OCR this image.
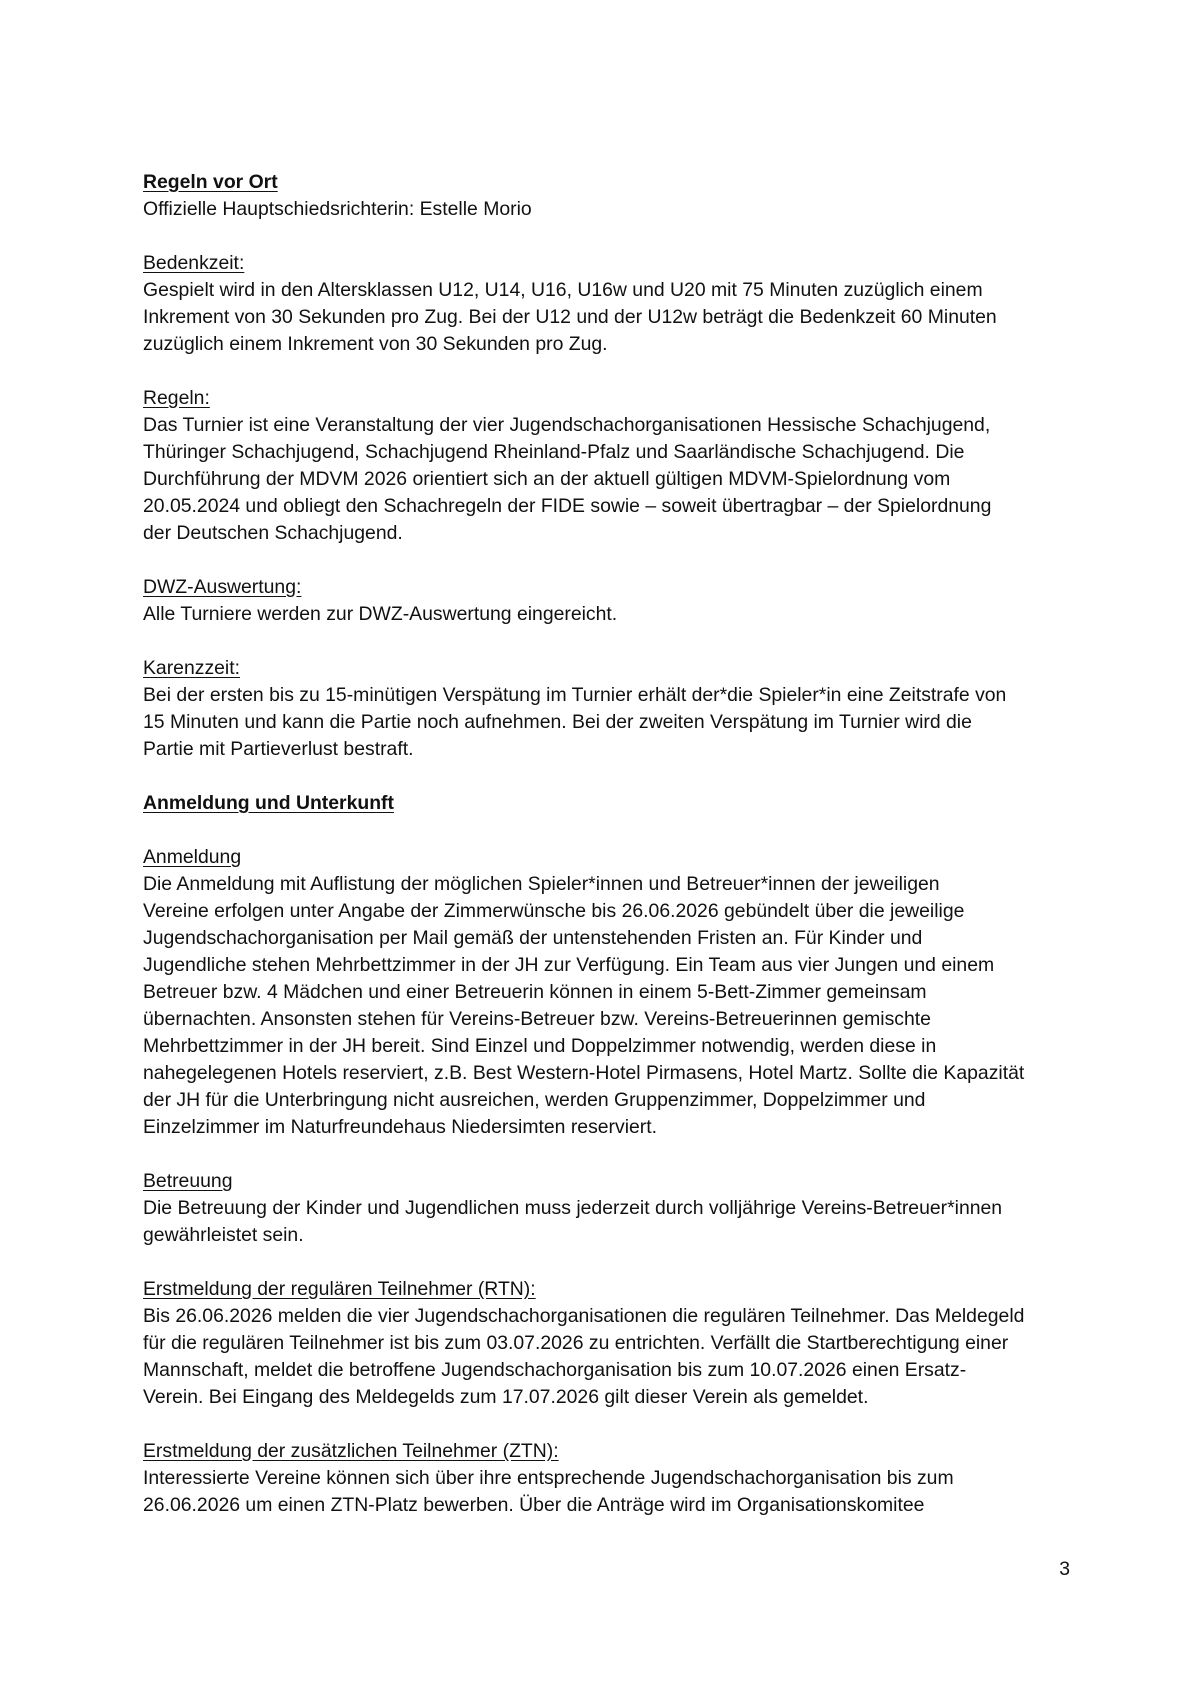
Regeln vor Ort
Offizielle Hauptschiedsrichterin: Estelle Morio
Bedenkzeit:
Gespielt wird in den Altersklassen U12, U14, U16, U16w und U20 mit 75 Minuten zuzüglich einem
Inkrement von 30 Sekunden pro Zug. Bei der U12 und der U12w beträgt die Bedenkzeit 60 Minuten
zuzüglich einem Inkrement von 30 Sekunden pro Zug.
Regeln:
Das Turnier ist eine Veranstaltung der vier Jugendschachorganisationen Hessische Schachjugend,
Thüringer Schachjugend, Schachjugend Rheinland-Pfalz und Saarländische Schachjugend. Die
Durchführung der MDVM 2026 orientiert sich an der aktuell gültigen MDVM-Spielordnung vom
20.05.2024 und obliegt den Schachregeln der FIDE sowie – soweit übertragbar – der Spielordnung
der Deutschen Schachjugend.
DWZ-Auswertung:
Alle Turniere werden zur DWZ-Auswertung eingereicht.
Karenzzeit:
Bei der ersten bis zu 15-minütigen Verspätung im Turnier erhält der*die Spieler*in eine Zeitstrafe von
15 Minuten und kann die Partie noch aufnehmen. Bei der zweiten Verspätung im Turnier wird die
Partie mit Partieverlust bestraft.
Anmeldung und Unterkunft
Anmeldung
Die Anmeldung mit Auflistung der möglichen Spieler*innen und Betreuer*innen der jeweiligen
Vereine erfolgen unter Angabe der Zimmerwünsche bis 26.06.2026 gebündelt über die jeweilige
Jugendschachorganisation per Mail gemäß der untenstehenden Fristen an. Für Kinder und
Jugendliche stehen Mehrbettzimmer in der JH zur Verfügung. Ein Team aus vier Jungen und einem
Betreuer bzw. 4 Mädchen und einer Betreuerin können in einem 5-Bett-Zimmer gemeinsam
übernachten. Ansonsten stehen für Vereins-Betreuer bzw. Vereins-Betreuerinnen gemischte
Mehrbettzimmer in der JH bereit. Sind Einzel und Doppelzimmer notwendig, werden diese in
nahegelegenen Hotels reserviert, z.B. Best Western-Hotel Pirmasens, Hotel Martz. Sollte die Kapazität
der JH für die Unterbringung nicht ausreichen, werden Gruppenzimmer, Doppelzimmer und
Einzelzimmer im Naturfreundehaus Niedersimten reserviert.
Betreuung
Die Betreuung der Kinder und Jugendlichen muss jederzeit durch volljährige Vereins-Betreuer*innen
gewährleistet sein.
Erstmeldung der regulären Teilnehmer (RTN):
Bis 26.06.2026 melden die vier Jugendschachorganisationen die regulären Teilnehmer. Das Meldegeld
für die regulären Teilnehmer ist bis zum 03.07.2026 zu entrichten. Verfällt die Startberechtigung einer
Mannschaft, meldet die betroffene Jugendschachorganisation bis zum 10.07.2026 einen Ersatz-
Verein. Bei Eingang des Meldegelds zum 17.07.2026 gilt dieser Verein als gemeldet.
Erstmeldung der zusätzlichen Teilnehmer (ZTN):
Interessierte Vereine können sich über ihre entsprechende Jugendschachorganisation bis zum
26.06.2026 um einen ZTN-Platz bewerben. Über die Anträge wird im Organisationskomitee
3
